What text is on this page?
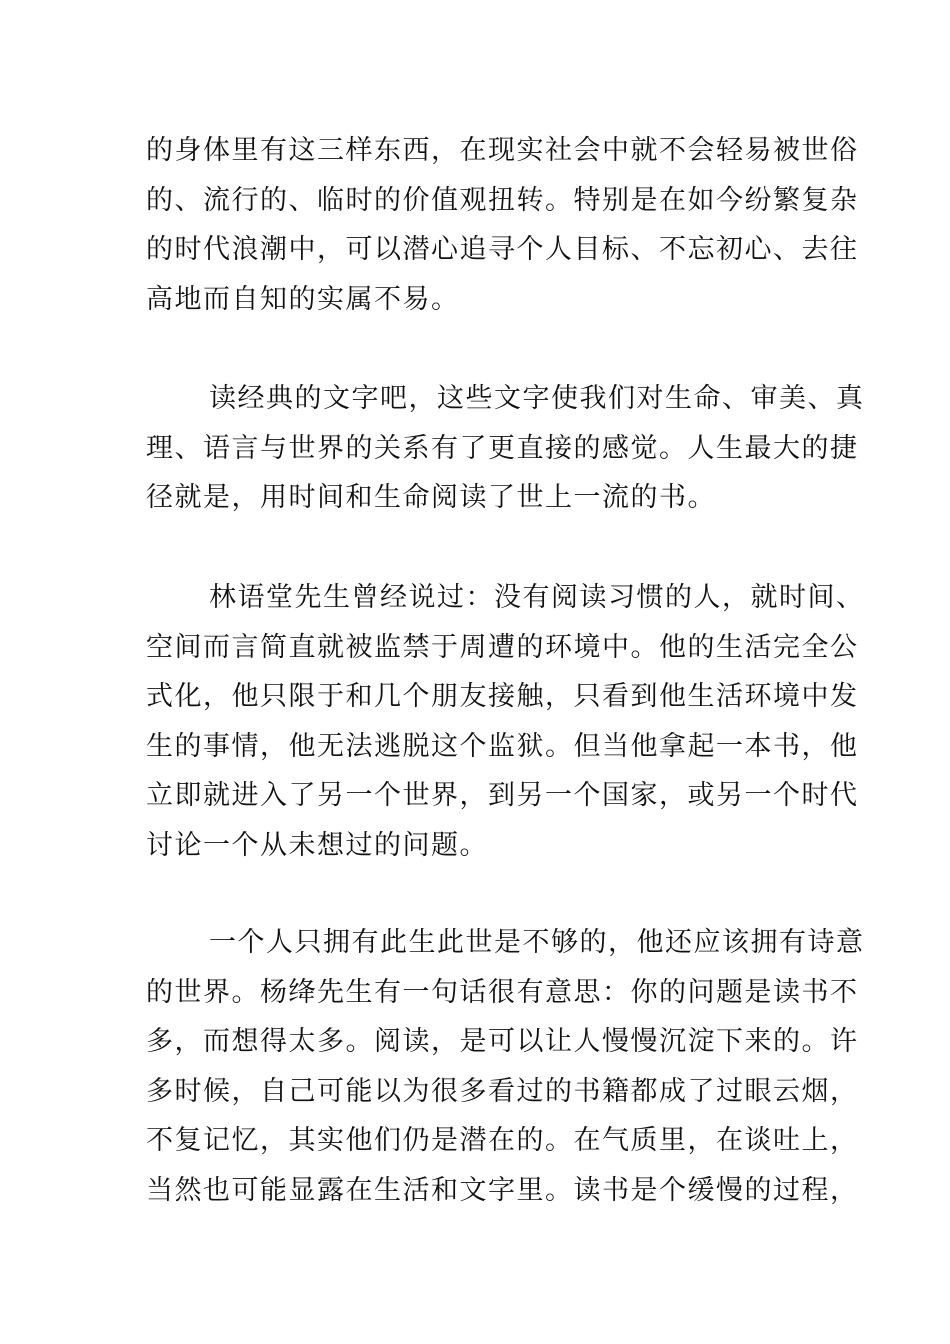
的身体里有这三样东西，在现实社会中就不会轻易被世俗
的、流行的、临时的价值观扭转。特别是在如今纷繁复杂
的时代浪潮中，可以潜心追寻个人目标、不忘初心、去往
高地而自知的实属不易。

读经典的文字吧，这些文字使我们对生命、审美、真
理、语言与世界的关系有了更直接的感觉。人生最大的捷
径就是，用时间和生命阅读了世上一流的书。

林语堂先生曾经说过：没有阅读习惯的人，就时间、
空间而言简直就被监禁于周遭的环境中。他的生活完全公
式化，他只限于和几个朋友接触，只看到他生活环境中发
生的事情，他无法逃脱这个监狱。但当他拿起一本书，他
立即就进入了另一个世界，到另一个国家，或另一个时代
讨论一个从未想过的问题。

一个人只拥有此生此世是不够的，他还应该拥有诗意
的世界。杨绛先生有一句话很有意思：你的问题是读书不
多，而想得太多。阅读，是可以让人慢慢沉淀下来的。许
多时候，自己可能以为很多看过的书籍都成了过眼云烟，
不复记忆，其实他们仍是潜在的。在气质里，在谈吐上，
当然也可能显露在生活和文字里。读书是个缓慢的过程，
